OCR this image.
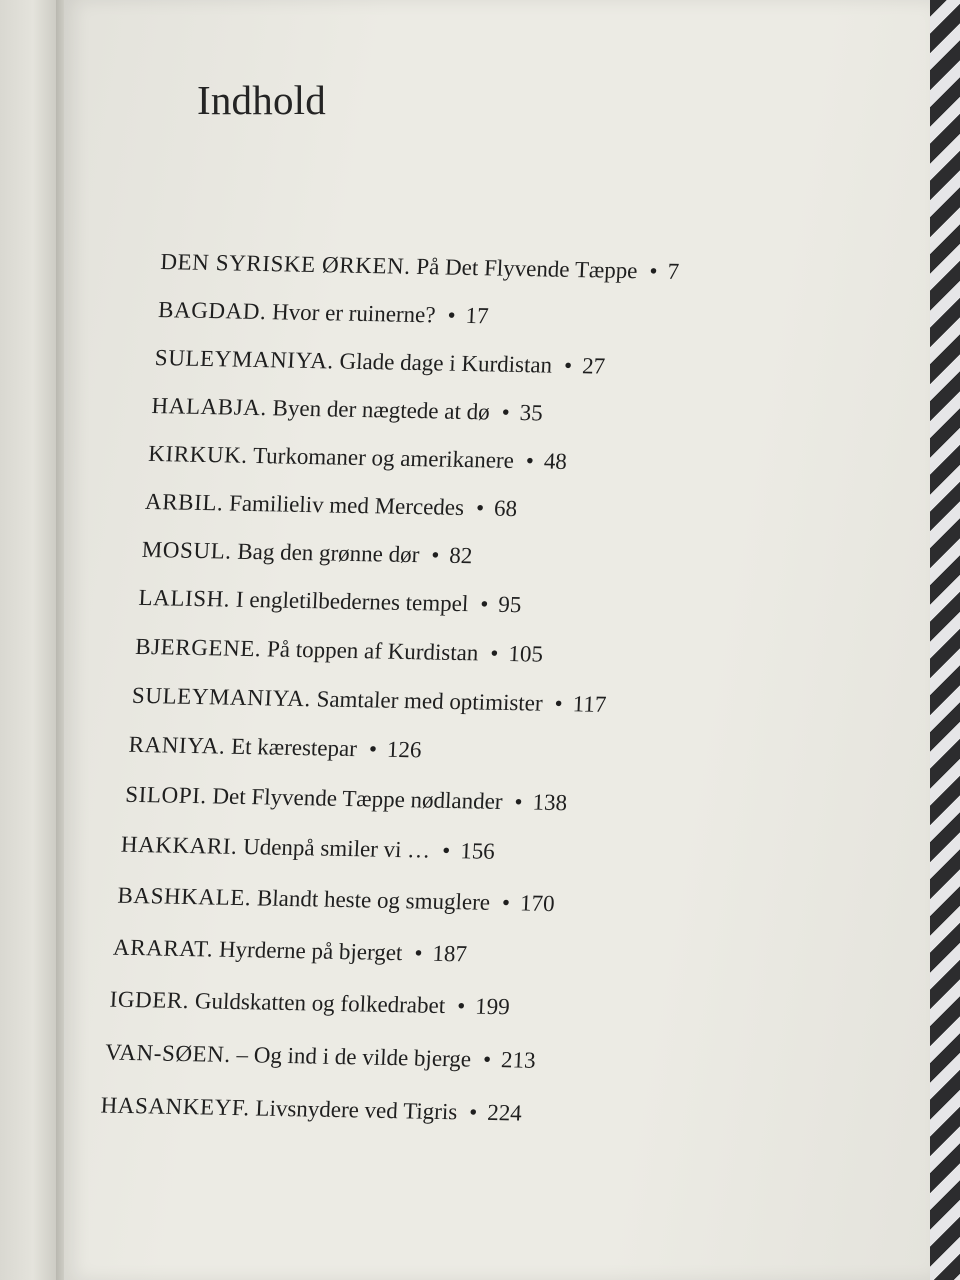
Indhold
DEN SYRISKE ØRKEN. På Det Flyvende Tæppe • 7
BAGDAD. Hvor er ruinerne? • 17
SULEYMANIYA. Glade dage i Kurdistan • 27
HALABJA. Byen der nægtede at dø • 35
KIRKUK. Turkomaner og amerikanere • 48
ARBIL. Familieliv med Mercedes • 68
MOSUL. Bag den grønne dør • 82
LALISH. I engletilbedernes tempel • 95
BJERGENE. På toppen af Kurdistan • 105
SULEYMANIYA. Samtaler med optimister • 117
RANIYA. Et kærestepar • 126
SILOPI. Det Flyvende Tæppe nødlander • 138
HAKKARI. Udenpå smiler vi … • 156
BASHKALE. Blandt heste og smuglere • 170
ARARAT. Hyrderne på bjerget • 187
IGDER. Guldskatten og folkedrabet • 199
VAN-SØEN. – Og ind i de vilde bjerge • 213
HASANKEYF. Livsnydere ved Tigris • 224
